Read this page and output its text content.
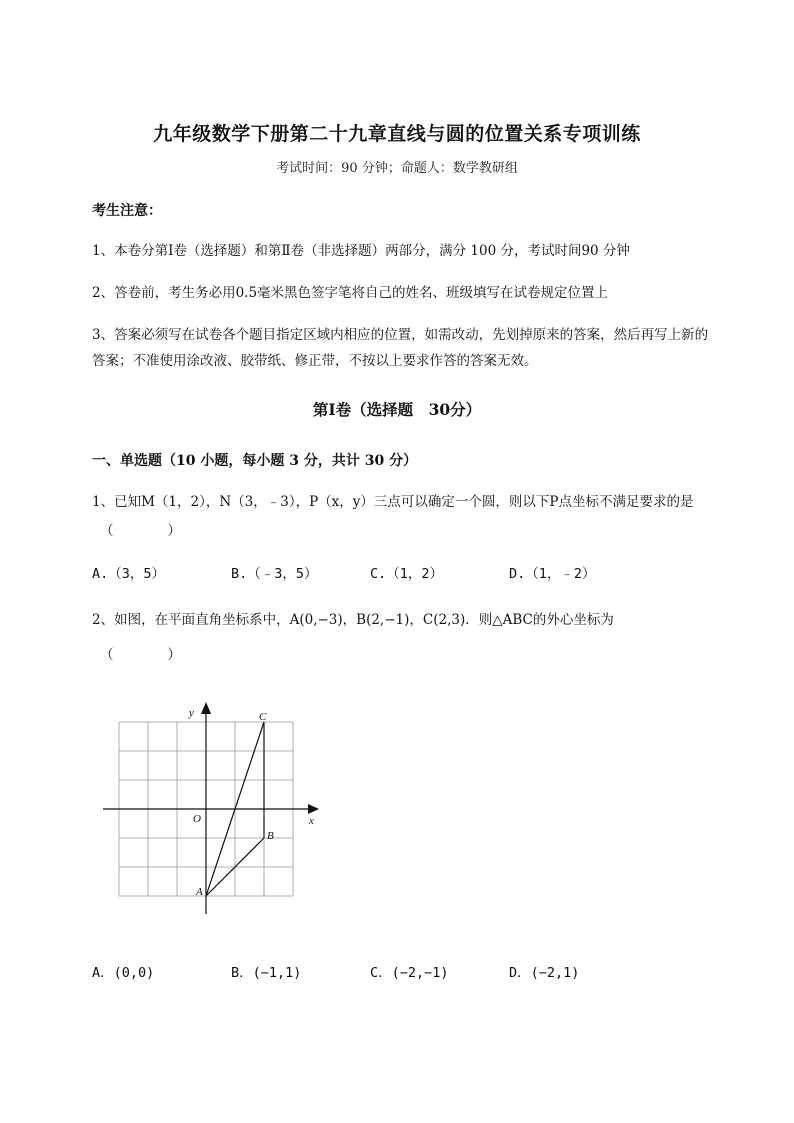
九年级数学下册第二十九章直线与圆的位置关系专项训练
考试时间：90 分钟；命题人：数学教研组
考生注意：
1、本卷分第Ⅰ卷（选择题）和第Ⅱ卷（非选择题）两部分，满分 100 分，考试时间90 分钟
2、答卷前，考生务必用0.5毫米黑色签字笔将自己的姓名、班级填写在试卷规定位置上
3、答案必须写在试卷各个题目指定区域内相应的位置，如需改动，先划掉原来的答案，然后再写上新的答案；不准使用涂改液、胶带纸、修正带，不按以上要求作答的答案无效。
第Ⅰ卷（选择题　30分）
一、单选题（10 小题，每小题 3 分，共计 30 分）
1、已知M（1，2），N（3，﹣3），P（x，y）三点可以确定一个圆，则以下P点坐标不满足要求的是
（　　　　）
A.（3，5）	B.（﹣3，5）	C.（1，2）	D.（1，﹣2）
2、如图，在平面直角坐标系中，A(0,−3)，B(2,−1)，C(2,3)．则△ABC的外心坐标为
（　　　　）
y
x
O
A
B
C
A．(0,0)	B．(−1,1)	C．(−2,−1)	D．(−2,1)
